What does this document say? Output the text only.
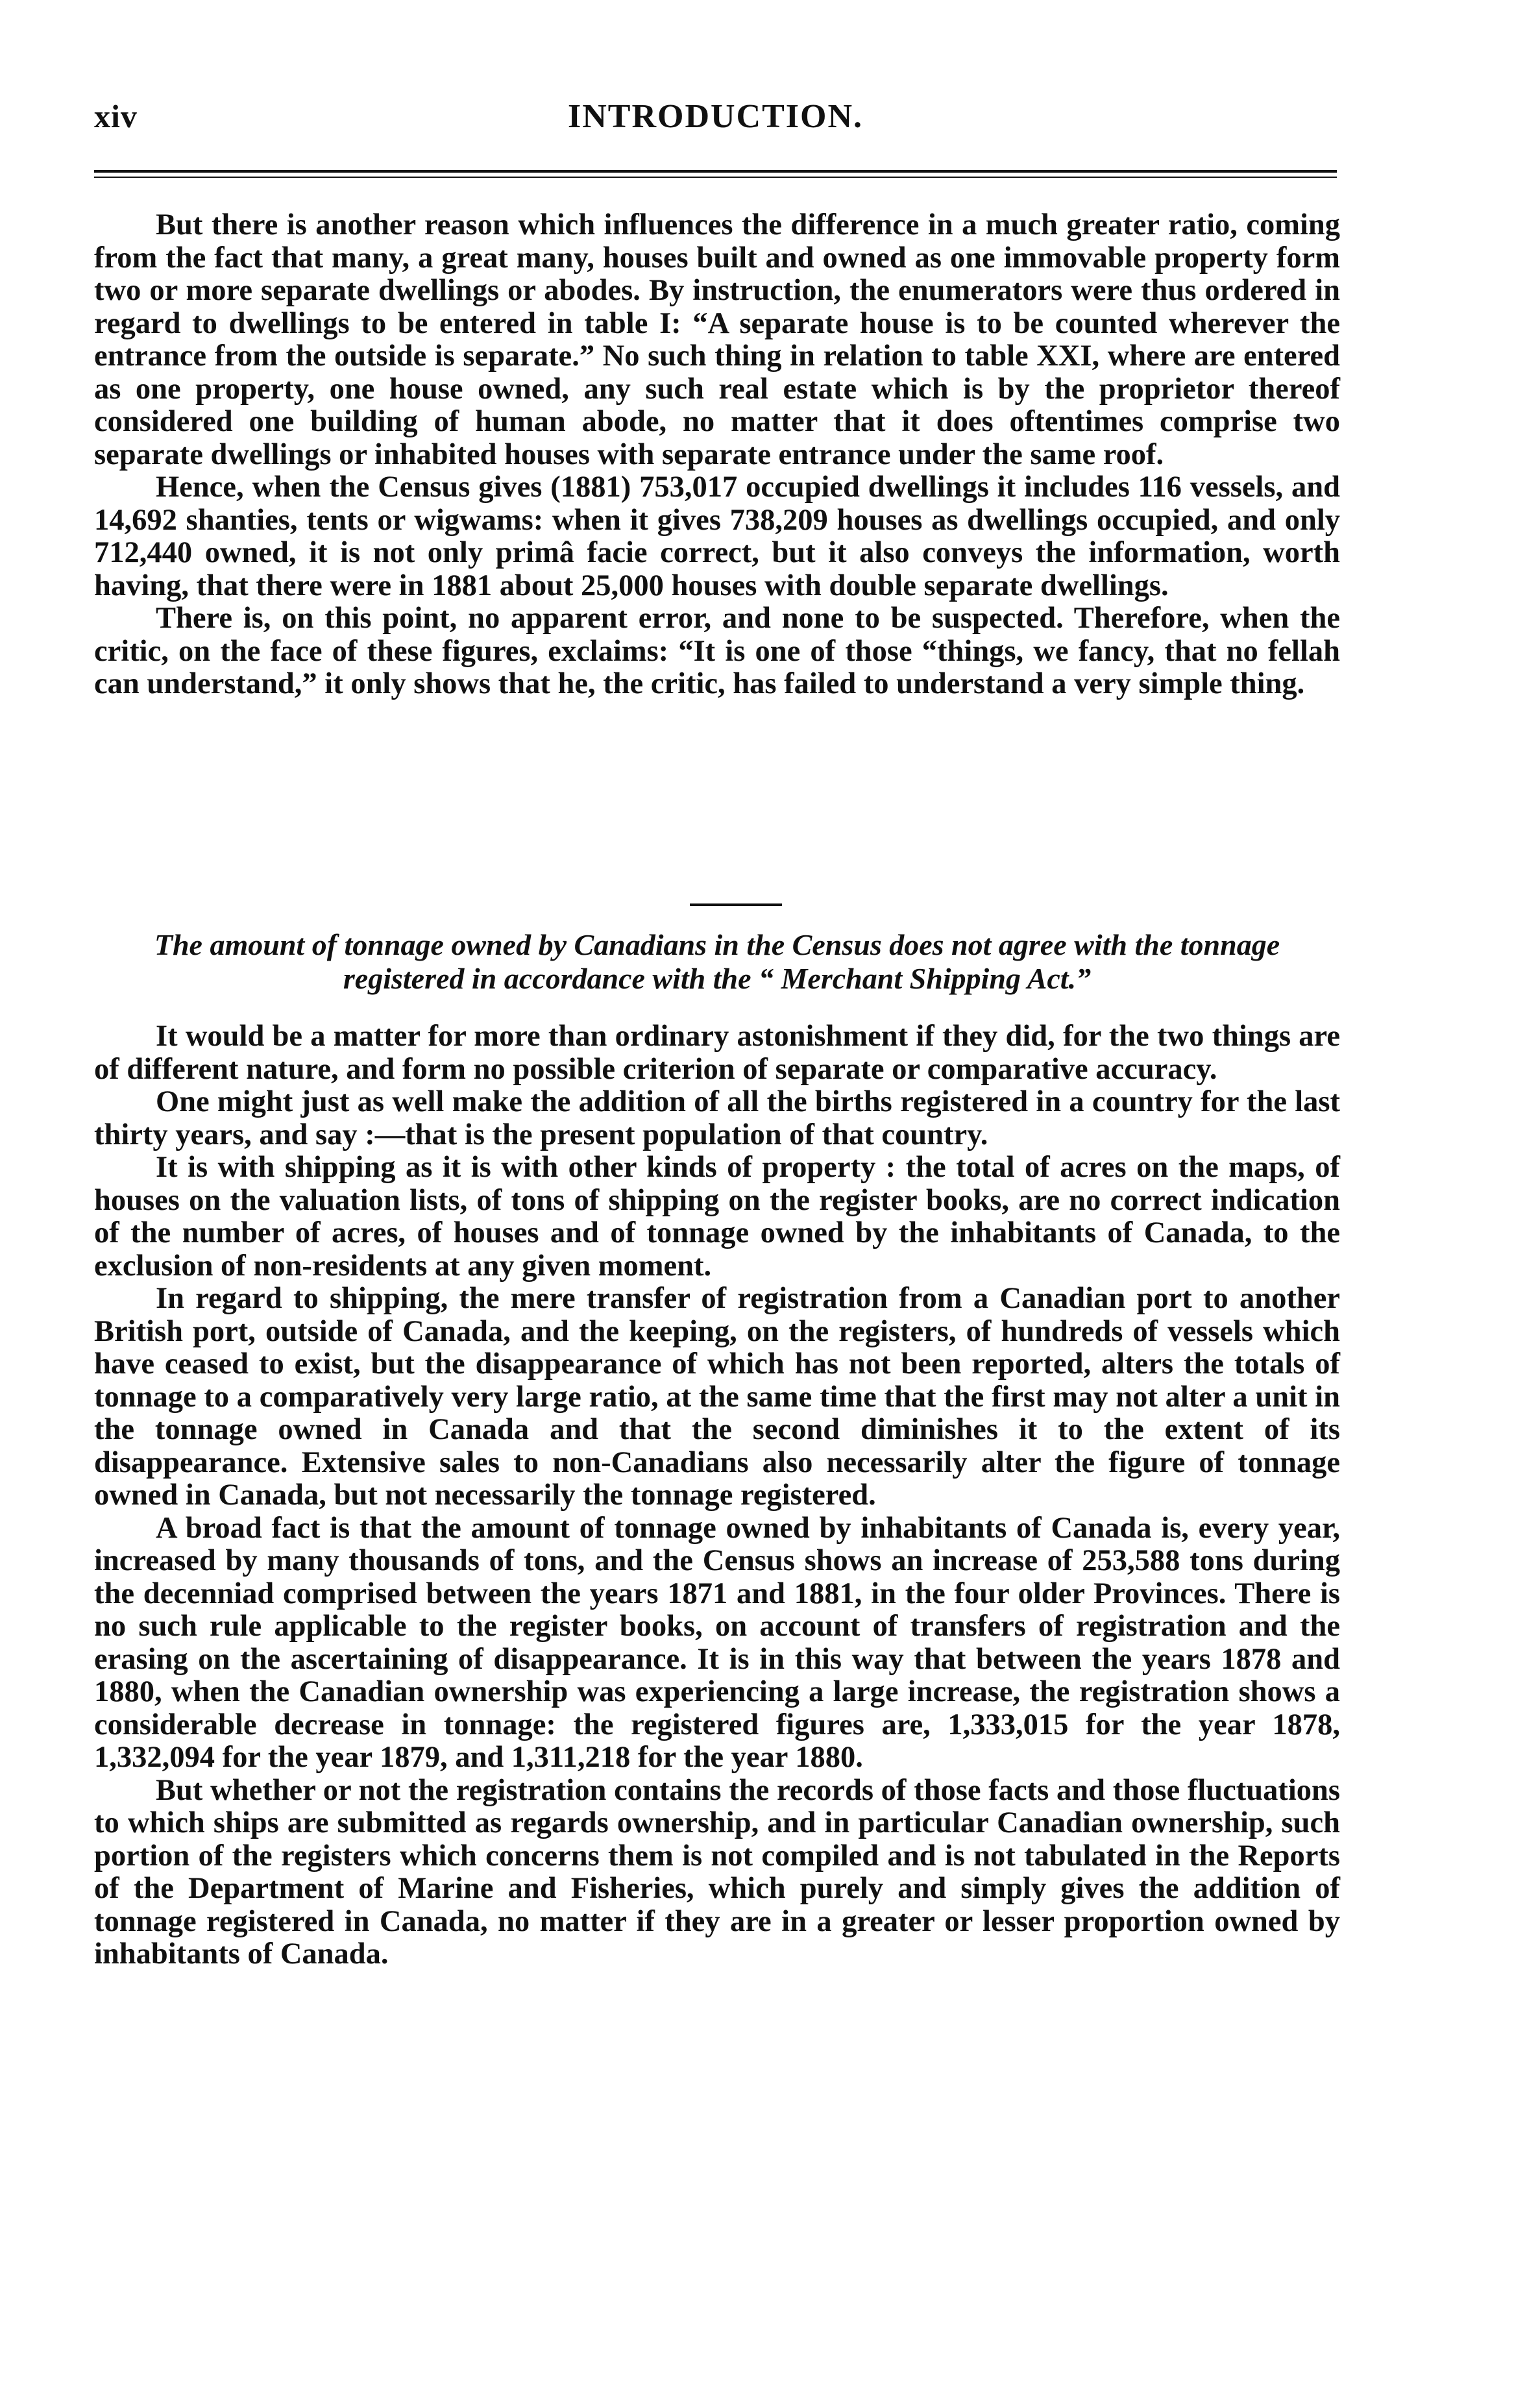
xiv	INTRODUCTION.

But there is another reason which influences the difference in a much greater ratio, coming from the fact that many, a great many, houses built and owned as one immovable property form two or more separate dwellings or abodes. By instruction, the enumerators were thus ordered in regard to dwellings to be entered in table I: “A separate house is to be counted wherever the entrance from the outside is separate.” No such thing in relation to table XXI, where are entered as one property, one house owned, any such real estate which is by the proprietor thereof considered one building of human abode, no matter that it does oftentimes comprise two separate dwellings or inhabited houses with separate entrance under the same roof.

Hence, when the Census gives (1881) 753,017 occupied dwellings it includes 116 vessels, and 14,692 shanties, tents or wigwams: when it gives 738,209 houses as dwellings occupied, and only 712,440 owned, it is not only primâ facie correct, but it also conveys the information, worth having, that there were in 1881 about 25,000 houses with double separate dwellings.

There is, on this point, no apparent error, and none to be suspected. Therefore, when the critic, on the face of these figures, exclaims: “It is one of those “things, we fancy, that no fellah can understand,” it only shows that he, the critic, has failed to understand a very simple thing.

The amount of tonnage owned by Canadians in the Census does not agree with the tonnage registered in accordance with the “ Merchant Shipping Act.”

It would be a matter for more than ordinary astonishment if they did, for the two things are of different nature, and form no possible criterion of separate or comparative accuracy.

One might just as well make the addition of all the births registered in a country for the last thirty years, and say :—that is the present population of that country.

It is with shipping as it is with other kinds of property : the total of acres on the maps, of houses on the valuation lists, of tons of shipping on the register books, are no correct indication of the number of acres, of houses and of tonnage owned by the inhabitants of Canada, to the exclusion of non-residents at any given moment.

In regard to shipping, the mere transfer of registration from a Canadian port to another British port, outside of Canada, and the keeping, on the registers, of hundreds of vessels which have ceased to exist, but the disappearance of which has not been reported, alters the totals of tonnage to a comparatively very large ratio, at the same time that the first may not alter a unit in the tonnage owned in Canada and that the second diminishes it to the extent of its disappearance. Extensive sales to non-Canadians also necessarily alter the figure of tonnage owned in Canada, but not necessarily the tonnage registered.

A broad fact is that the amount of tonnage owned by inhabitants of Canada is, every year, increased by many thousands of tons, and the Census shows an increase of 253,588 tons during the decenniad comprised between the years 1871 and 1881, in the four older Provinces. There is no such rule applicable to the register books, on account of transfers of registration and the erasing on the ascertaining of disappearance. It is in this way that between the years 1878 and 1880, when the Canadian ownership was experiencing a large increase, the registration shows a considerable decrease in tonnage: the registered figures are, 1,333,015 for the year 1878, 1,332,094 for the year 1879, and 1,311,218 for the year 1880.

But whether or not the registration contains the records of those facts and those fluctuations to which ships are submitted as regards ownership, and in particular Canadian ownership, such portion of the registers which concerns them is not compiled and is not tabulated in the Reports of the Department of Marine and Fisheries, which purely and simply gives the addition of tonnage registered in Canada, no matter if they are in a greater or lesser proportion owned by inhabitants of Canada.
